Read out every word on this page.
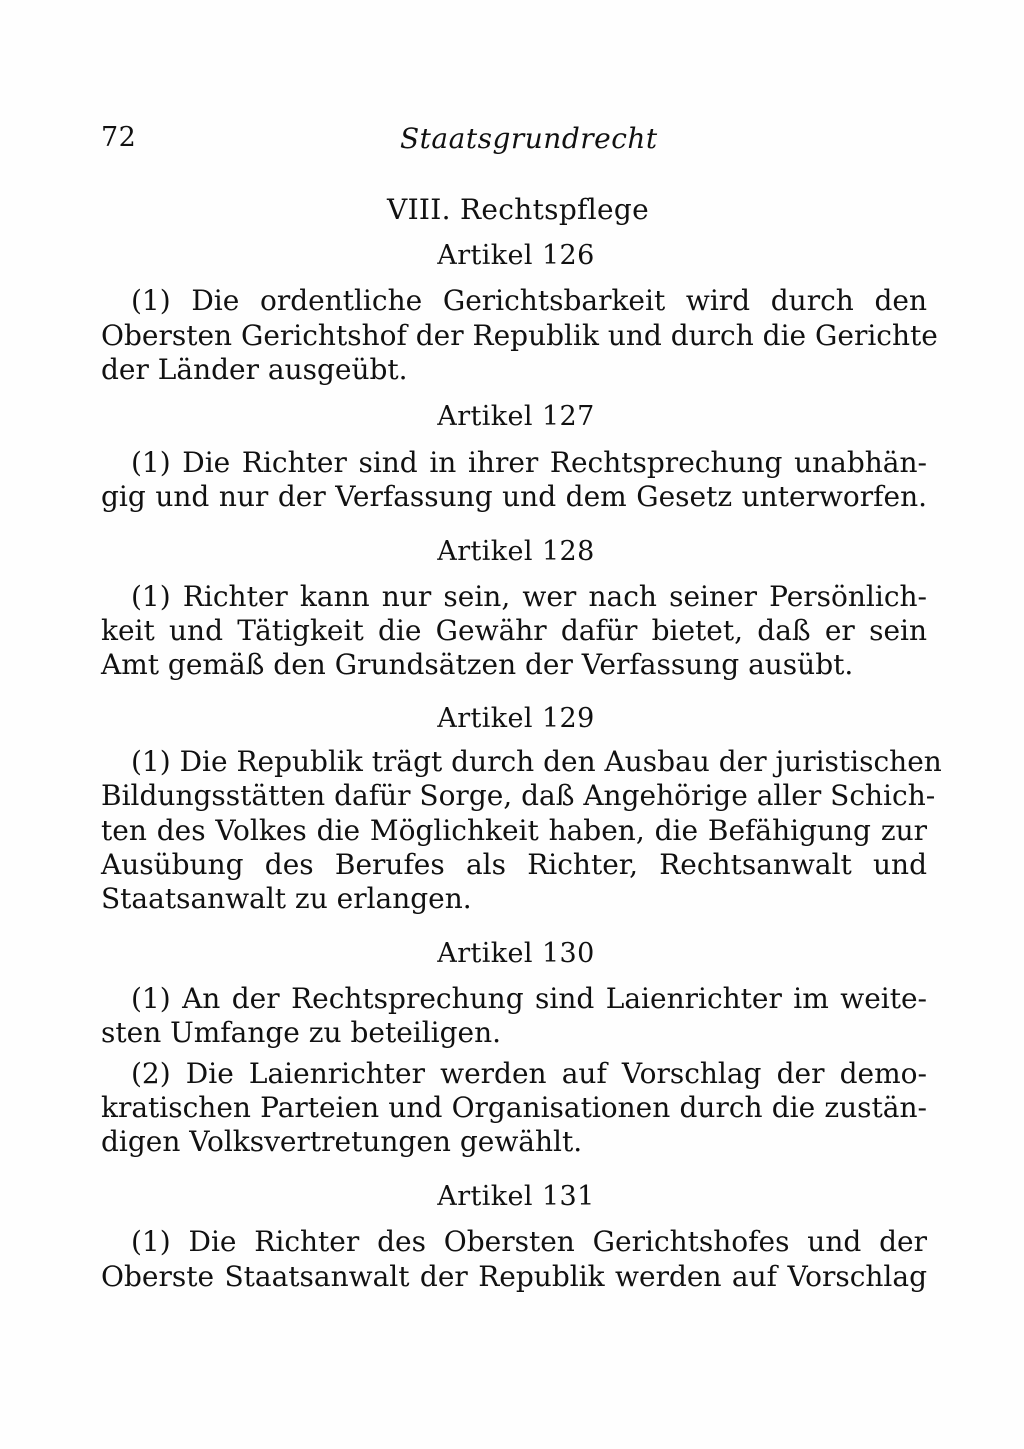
72	Staatsgrundrecht
VIII. Rechtspflege
Artikel 126
(1) Die ordentliche Gerichtsbarkeit wird durch den
Obersten Gerichtshof der Republik und durch die Gerichte
der Länder ausgeübt.
Artikel 127
(1) Die Richter sind in ihrer Rechtsprechung unabhän-
gig und nur der Verfassung und dem Gesetz unterworfen.
Artikel 128
(1) Richter kann nur sein, wer nach seiner Persönlich-
keit und Tätigkeit die Gewähr dafür bietet, daß er sein
Amt gemäß den Grundsätzen der Verfassung ausübt.
Artikel 129
(1) Die Republik trägt durch den Ausbau der juristischen
Bildungsstätten dafür Sorge, daß Angehörige aller Schich-
ten des Volkes die Möglichkeit haben, die Befähigung zur
Ausübung des Berufes als Richter, Rechtsanwalt und
Staatsanwalt zu erlangen.
Artikel 130
(1) An der Rechtsprechung sind Laienrichter im weite-
sten Umfange zu beteiligen.
(2) Die Laienrichter werden auf Vorschlag der demo-
kratischen Parteien und Organisationen durch die zustän-
digen Volksvertretungen gewählt.
Artikel 131
(1) Die Richter des Obersten Gerichtshofes und der
Oberste Staatsanwalt der Republik werden auf Vorschlag
